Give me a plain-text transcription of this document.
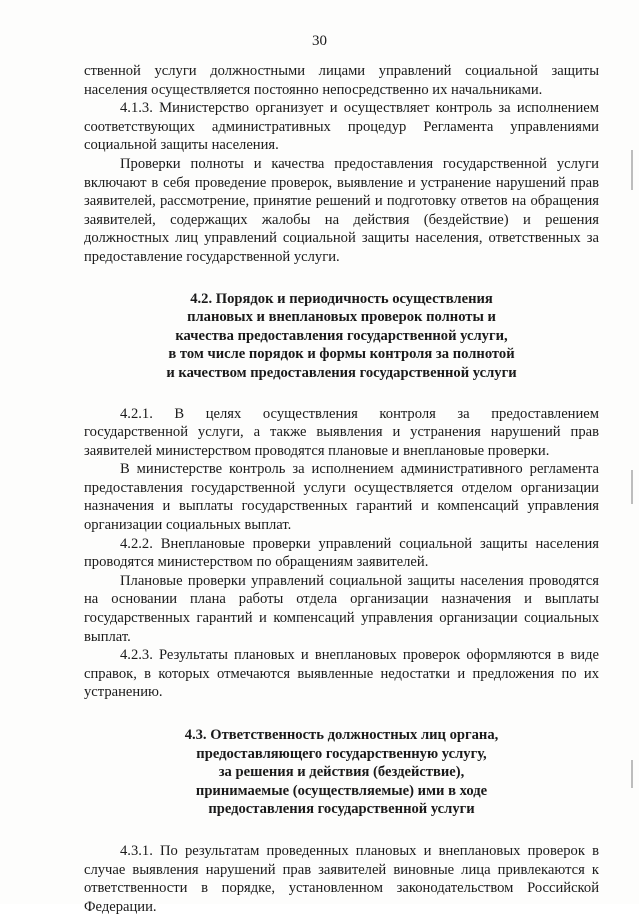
30

ственной услуги должностными лицами управлений социальной защиты населения осуществляется постоянно непосредственно их начальниками.

4.1.3. Министерство организует и осуществляет контроль за исполнением соответствующих административных процедур Регламента управлениями социальной защиты населения.

Проверки полноты и качества предоставления государственной услуги включают в себя проведение проверок, выявление и устранение нарушений прав заявителей, рассмотрение, принятие решений и подготовку ответов на обращения заявителей, содержащих жалобы на действия (бездействие) и решения должностных лиц управлений социальной защиты населения, ответственных за предоставление государственной услуги.

4.2. Порядок и периодичность осуществления
плановых и внеплановых проверок полноты и
качества предоставления государственной услуги,
в том числе порядок и формы контроля за полнотой
и качеством предоставления государственной услуги

4.2.1. В целях осуществления контроля за предоставлением государственной услуги, а также выявления и устранения нарушений прав заявителей министерством проводятся плановые и внеплановые проверки.

В министерстве контроль за исполнением административного регламента предоставления государственной услуги осуществляется отделом организации назначения и выплаты государственных гарантий и компенсаций управления организации социальных выплат.

4.2.2. Внеплановые проверки управлений социальной защиты населения проводятся министерством по обращениям заявителей.

Плановые проверки управлений социальной защиты населения проводятся на основании плана работы отдела организации назначения и выплаты государственных гарантий и компенсаций управления организации социальных выплат.

4.2.3. Результаты плановых и внеплановых проверок оформляются в виде справок, в которых отмечаются выявленные недостатки и предложения по их устранению.

4.3. Ответственность должностных лиц органа,
предоставляющего государственную услугу,
за решения и действия (бездействие),
принимаемые (осуществляемые) ими в ходе
предоставления государственной услуги

4.3.1. По результатам проведенных плановых и внеплановых проверок в случае выявления нарушений прав заявителей виновные лица привлекаются к ответственности в порядке, установленном законодательством Российской Федерации.
